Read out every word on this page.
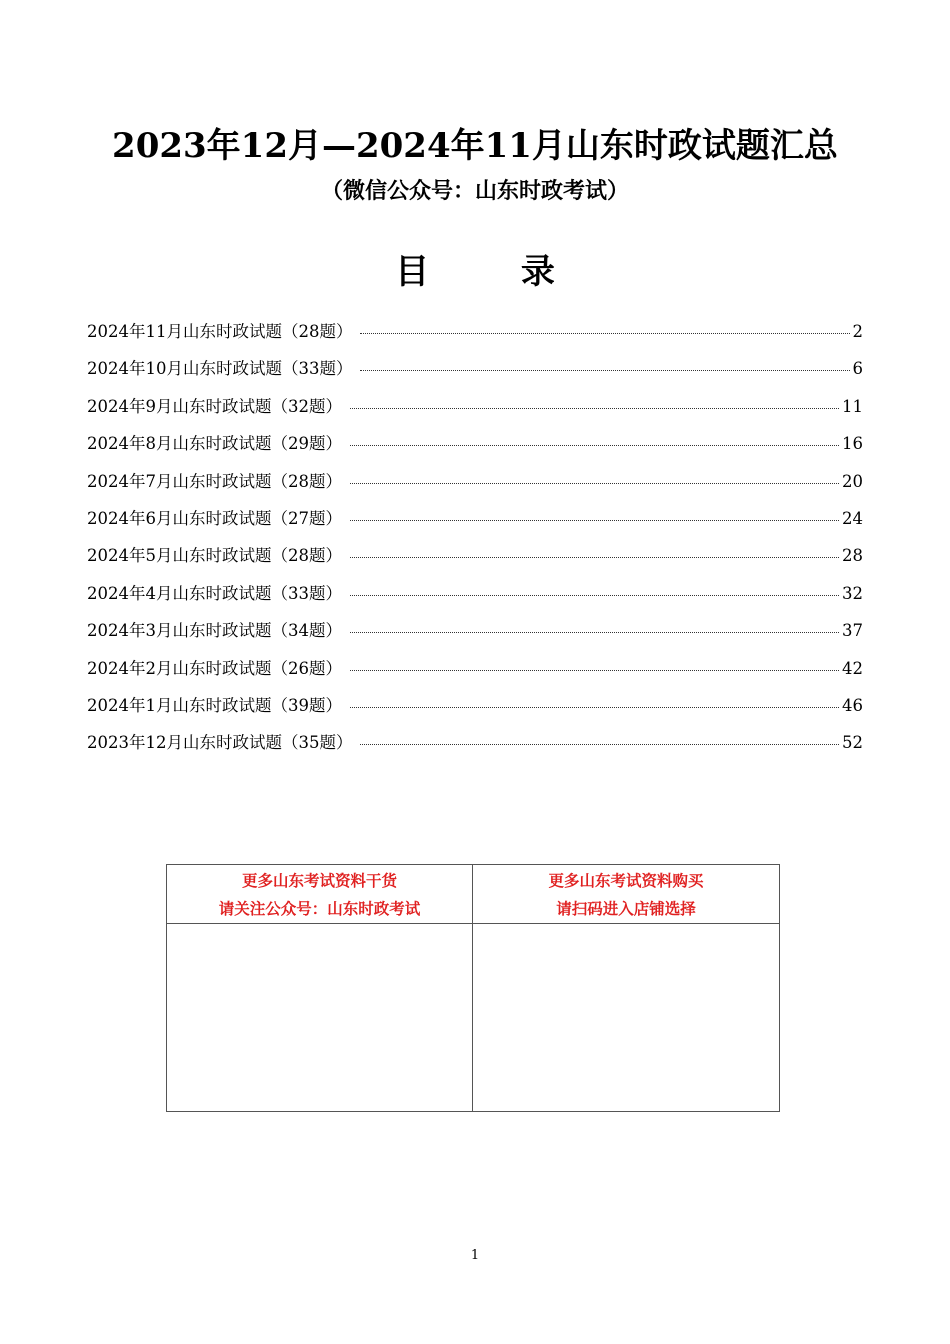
2023年12月—2024年11月山东时政试题汇总
（微信公众号：山东时政考试）
目 录
2024年11月山东时政试题（28题）	2
2024年10月山东时政试题（33题）	6
2024年9月山东时政试题（32题）	11
2024年8月山东时政试题（29题）	16
2024年7月山东时政试题（28题）	20
2024年6月山东时政试题（27题）	24
2024年5月山东时政试题（28题）	28
2024年4月山东时政试题（33题）	32
2024年3月山东时政试题（34题）	37
2024年2月山东时政试题（26题）	42
2024年1月山东时政试题（39题）	46
2023年12月山东时政试题（35题）	52
更多山东考试资料干货
请关注公众号：山东时政考试
更多山东考试资料购买
请扫码进入店铺选择
1
